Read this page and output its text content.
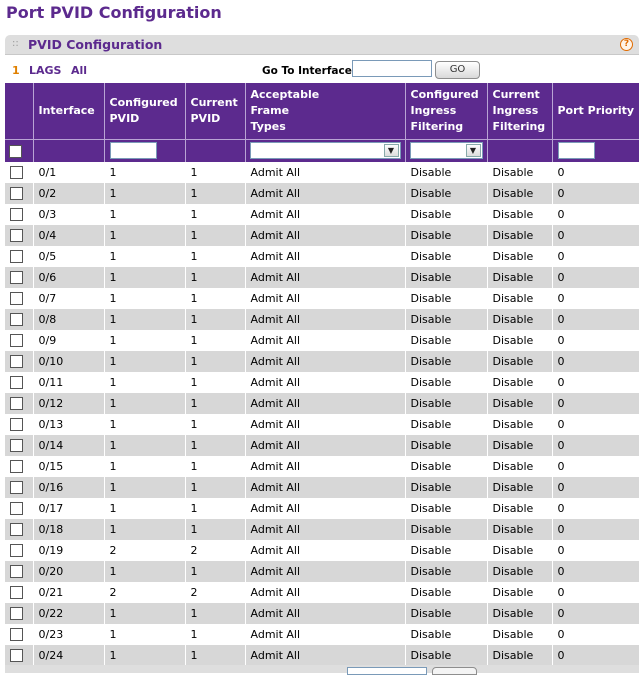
Port PVID Configuration
:: PVID Configuration	?
1 LAGS All	Go To Interface	GO
	Interface	Configured
PVID	Current
PVID	Acceptable
Frame
Types	Configured
Ingress
Filtering	Current
Ingress
Filtering	Port Priority

				▼	▼		

	0/1	1	1	Admit All	Disable	Disable	0
	0/2	1	1	Admit All	Disable	Disable	0
	0/3	1	1	Admit All	Disable	Disable	0
	0/4	1	1	Admit All	Disable	Disable	0
	0/5	1	1	Admit All	Disable	Disable	0
	0/6	1	1	Admit All	Disable	Disable	0
	0/7	1	1	Admit All	Disable	Disable	0
	0/8	1	1	Admit All	Disable	Disable	0
	0/9	1	1	Admit All	Disable	Disable	0
	0/10	1	1	Admit All	Disable	Disable	0
	0/11	1	1	Admit All	Disable	Disable	0
	0/12	1	1	Admit All	Disable	Disable	0
	0/13	1	1	Admit All	Disable	Disable	0
	0/14	1	1	Admit All	Disable	Disable	0
	0/15	1	1	Admit All	Disable	Disable	0
	0/16	1	1	Admit All	Disable	Disable	0
	0/17	1	1	Admit All	Disable	Disable	0
	0/18	1	1	Admit All	Disable	Disable	0
	0/19	2	2	Admit All	Disable	Disable	0
	0/20	1	1	Admit All	Disable	Disable	0
	0/21	2	2	Admit All	Disable	Disable	0
	0/22	1	1	Admit All	Disable	Disable	0
	0/23	1	1	Admit All	Disable	Disable	0
	0/24	1	1	Admit All	Disable	Disable	0
